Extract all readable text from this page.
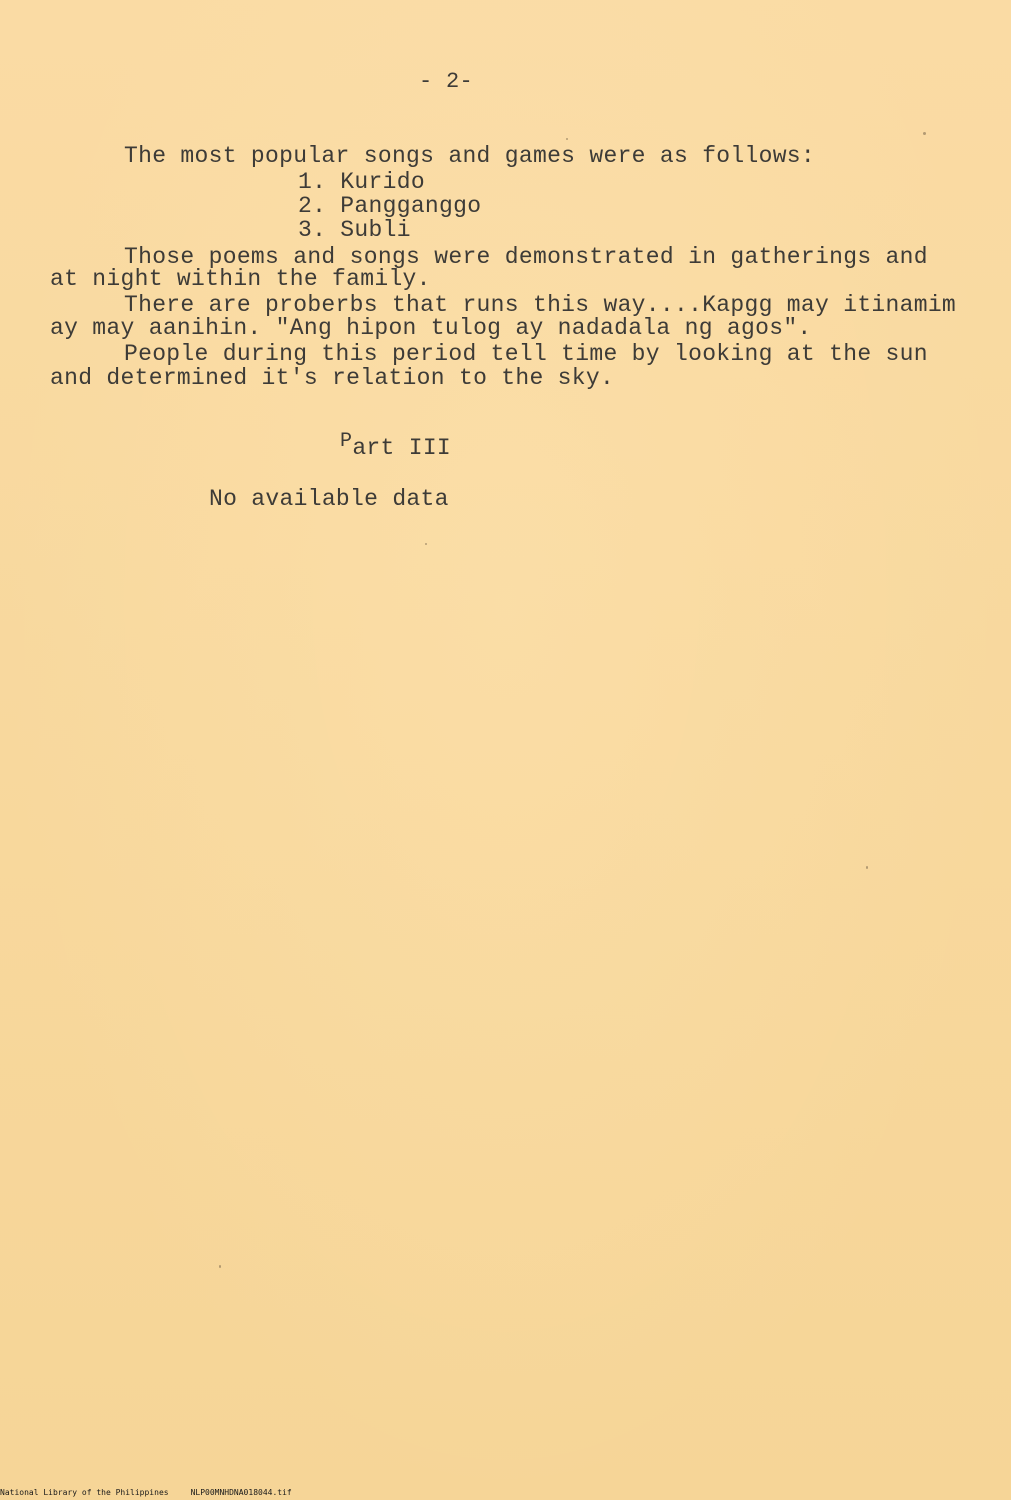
- 2-
The most popular songs and games were as follows:
1. Kurido
2. Pangganggo
3. Subli
Those poems and songs were demonstrated in gatherings and
at night within the family.
There are proberbs that runs this way....Kapgg may itinamim
ay may aanihin. "Ang hipon tulog ay nadadala ng agos".
People during this period tell time by looking at the sun
and determined it's relation to the sky.
Part III
No available data
National Library of the Philippines	NLP00MNHDNA018044.tif
